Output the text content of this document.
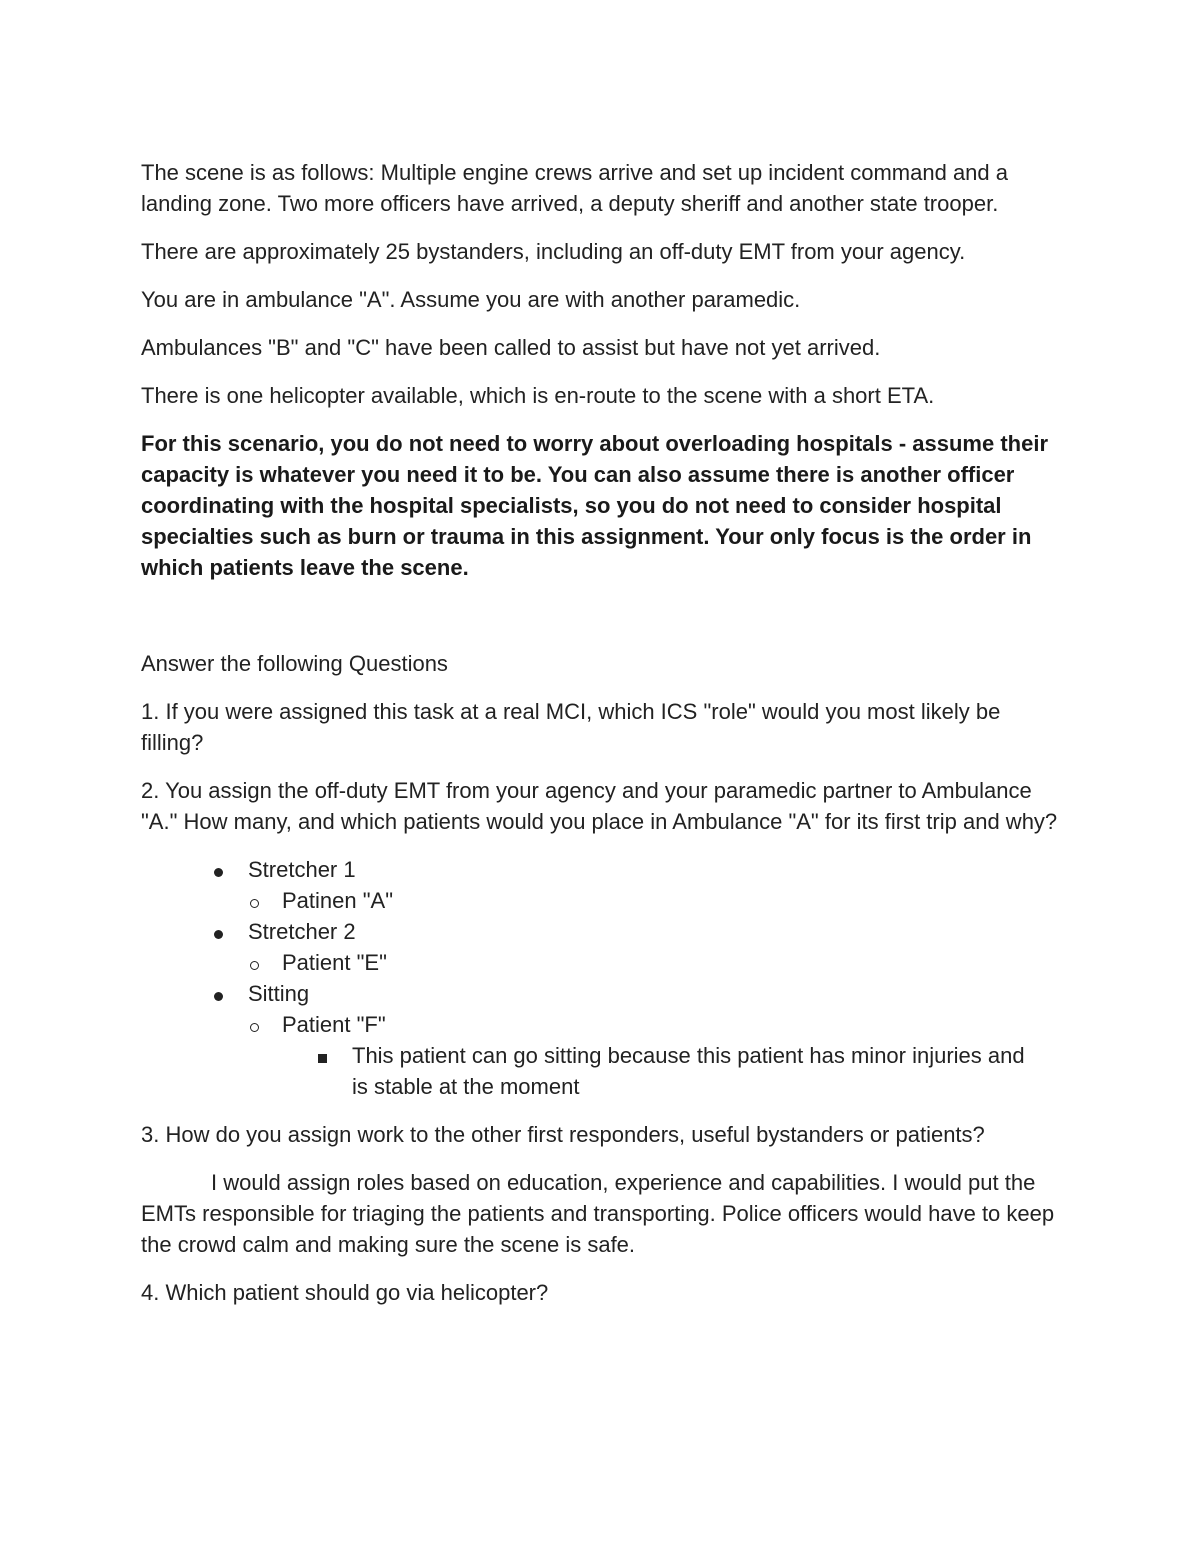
The scene is as follows: Multiple engine crews arrive and set up incident command and a landing zone. Two more officers have arrived, a deputy sheriff and another state trooper.

There are approximately 25 bystanders, including an off-duty EMT from your agency.

You are in ambulance "A". Assume you are with another paramedic.

Ambulances "B" and "C" have been called to assist but have not yet arrived.

There is one helicopter available, which is en-route to the scene with a short ETA.

For this scenario, you do not need to worry about overloading hospitals - assume their capacity is whatever you need it to be. You can also assume there is another officer coordinating with the hospital specialists, so you do not need to consider hospital specialties such as burn or trauma in this assignment. Your only focus is the order in which patients leave the scene.

Answer the following Questions

1. If you were assigned this task at a real MCI, which ICS "role" would you most likely be filling?

2. You assign the off-duty EMT from your agency and your paramedic partner to Ambulance "A." How many, and which patients would you place in Ambulance "A" for its first trip and why?

Stretcher 1
Patinen "A"
Stretcher 2
Patient "E"
Sitting
Patient "F"
This patient can go sitting because this patient has minor injuries and is stable at the moment

3. How do you assign work to the other first responders, useful bystanders or patients?

I would assign roles based on education, experience and capabilities. I would put the EMTs responsible for triaging the patients and transporting. Police officers would have to keep the crowd calm and making sure the scene is safe.

4. Which patient should go via helicopter?
